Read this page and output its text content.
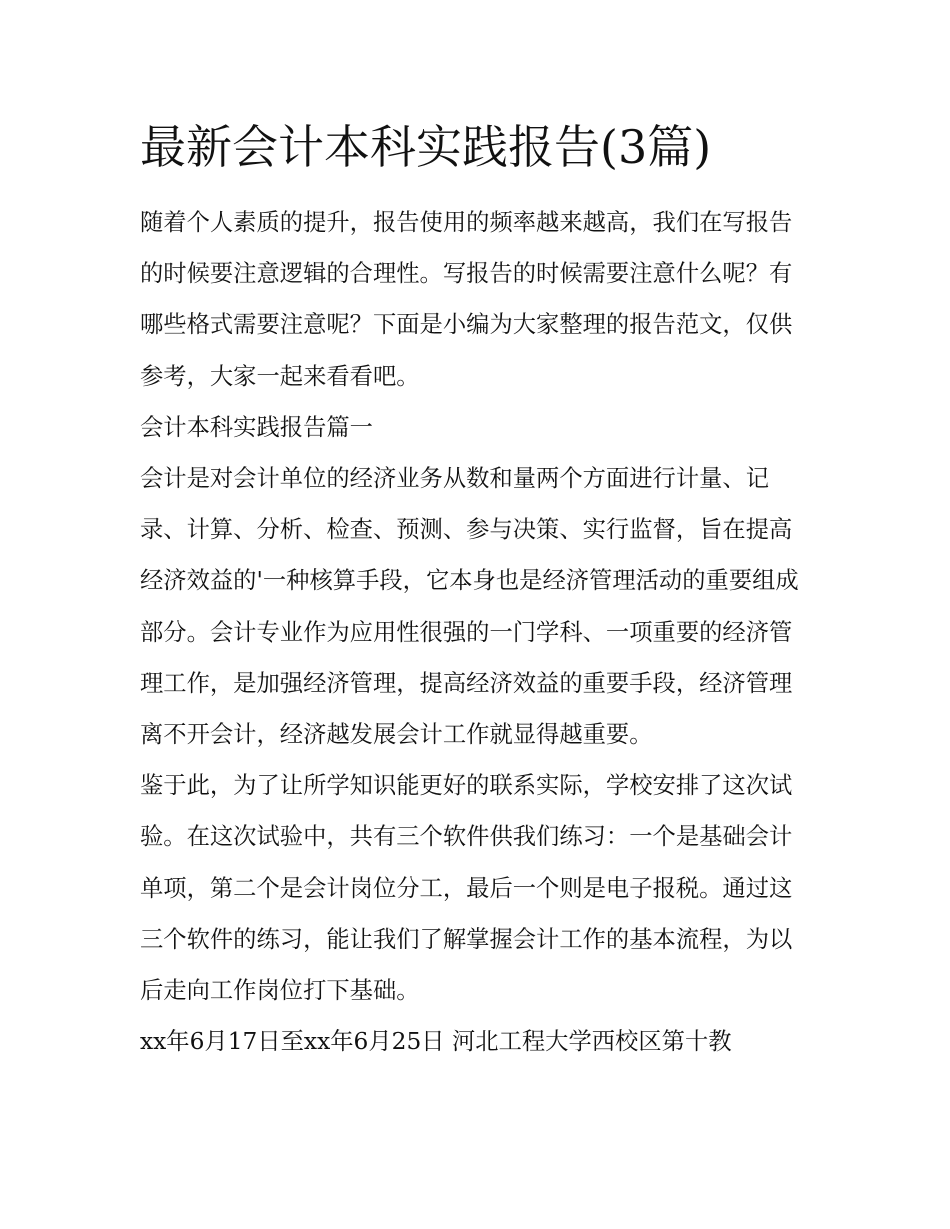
最新会计本科实践报告(3篇)

随着个人素质的提升，报告使用的频率越来越高，我们在写报告的时候要注意逻辑的合理性。写报告的时候需要注意什么呢？有哪些格式需要注意呢？下面是小编为大家整理的报告范文，仅供参考，大家一起来看看吧。

会计本科实践报告篇一

会计是对会计单位的经济业务从数和量两个方面进行计量、记录、计算、分析、检查、预测、参与决策、实行监督，旨在提高经济效益的'一种核算手段，它本身也是经济管理活动的重要组成部分。会计专业作为应用性很强的一门学科、一项重要的经济管理工作，是加强经济管理，提高经济效益的重要手段，经济管理离不开会计，经济越发展会计工作就显得越重要。

鉴于此，为了让所学知识能更好的联系实际，学校安排了这次试验。在这次试验中，共有三个软件供我们练习：一个是基础会计单项，第二个是会计岗位分工，最后一个则是电子报税。通过这三个软件的练习，能让我们了解掌握会计工作的基本流程，为以后走向工作岗位打下基础。

xx年6月17日至xx年6月25日 河北工程大学西校区第十教
